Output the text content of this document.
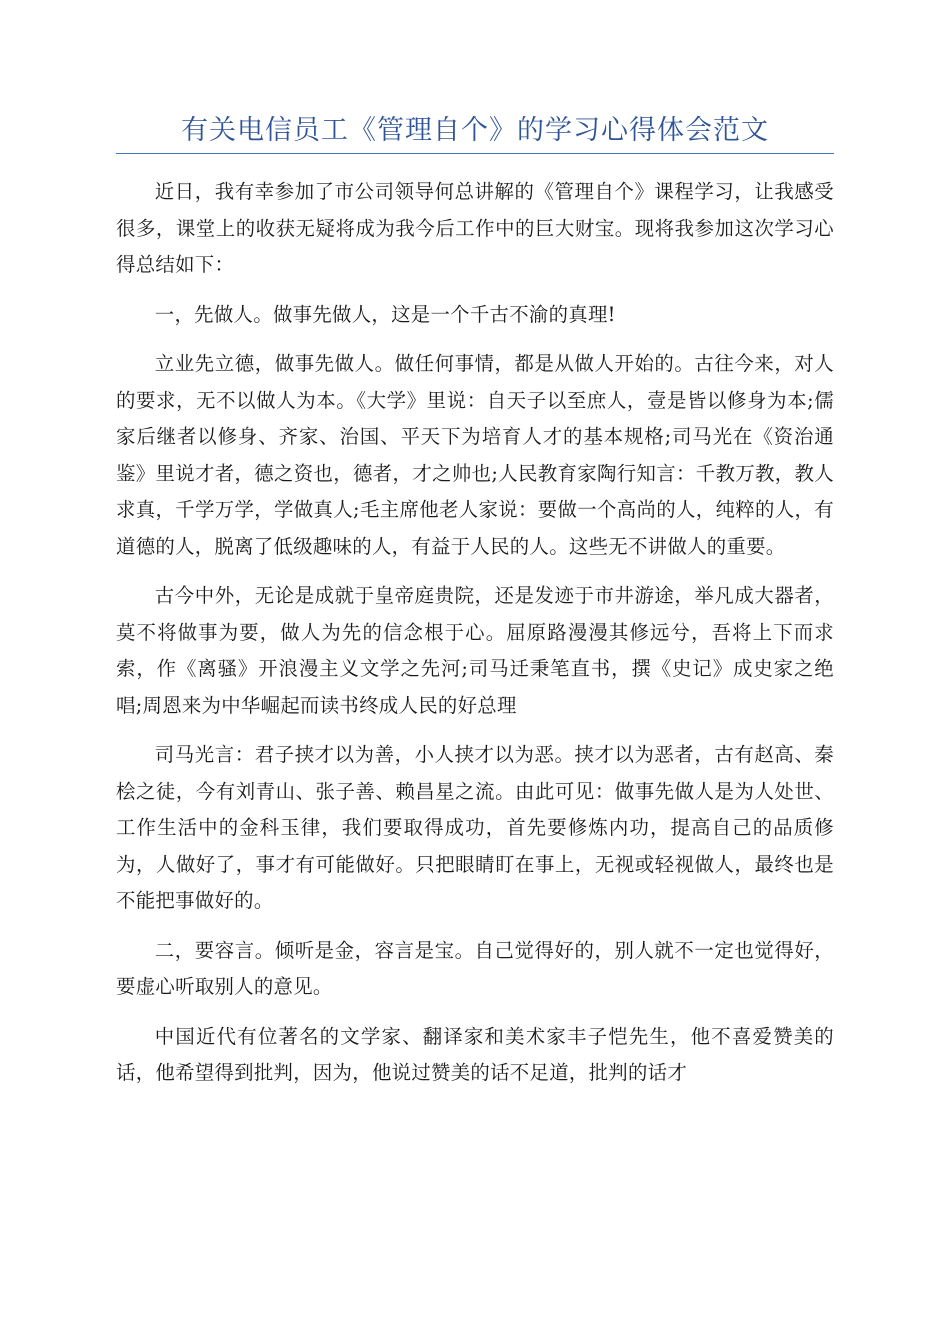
有关电信员工《管理自个》的学习心得体会范文

近日，我有幸参加了市公司领导何总讲解的《管理自个》课程学习，让我感受很多，课堂上的收获无疑将成为我今后工作中的巨大财宝。现将我参加这次学习心得总结如下：

一，先做人。做事先做人，这是一个千古不渝的真理!

立业先立德，做事先做人。做任何事情，都是从做人开始的。古往今来，对人的要求，无不以做人为本。《大学》里说：自天子以至庶人，壹是皆以修身为本;儒家后继者以修身、齐家、治国、平天下为培育人才的基本规格;司马光在《资治通鉴》里说才者，德之资也，德者，才之帅也;人民教育家陶行知言：千教万教，教人求真，千学万学，学做真人;毛主席他老人家说：要做一个高尚的人，纯粹的人，有道德的人，脱离了低级趣味的人，有益于人民的人。这些无不讲做人的重要。

古今中外，无论是成就于皇帝庭贵院，还是发迹于市井游途，举凡成大器者，莫不将做事为要，做人为先的信念根于心。屈原路漫漫其修远兮，吾将上下而求索，作《离骚》开浪漫主义文学之先河;司马迁秉笔直书，撰《史记》成史家之绝唱;周恩来为中华崛起而读书终成人民的好总理

司马光言：君子挟才以为善，小人挟才以为恶。挟才以为恶者，古有赵高、秦桧之徒，今有刘青山、张子善、赖昌星之流。由此可见：做事先做人是为人处世、工作生活中的金科玉律，我们要取得成功，首先要修炼内功，提高自己的品质修为，人做好了，事才有可能做好。只把眼睛盯在事上，无视或轻视做人，最终也是不能把事做好的。

二，要容言。倾听是金，容言是宝。自己觉得好的，别人就不一定也觉得好，要虚心听取别人的意见。

中国近代有位著名的文学家、翻译家和美术家丰子恺先生，他不喜爱赞美的话，他希望得到批判，因为，他说过赞美的话不足道，批判的话才
